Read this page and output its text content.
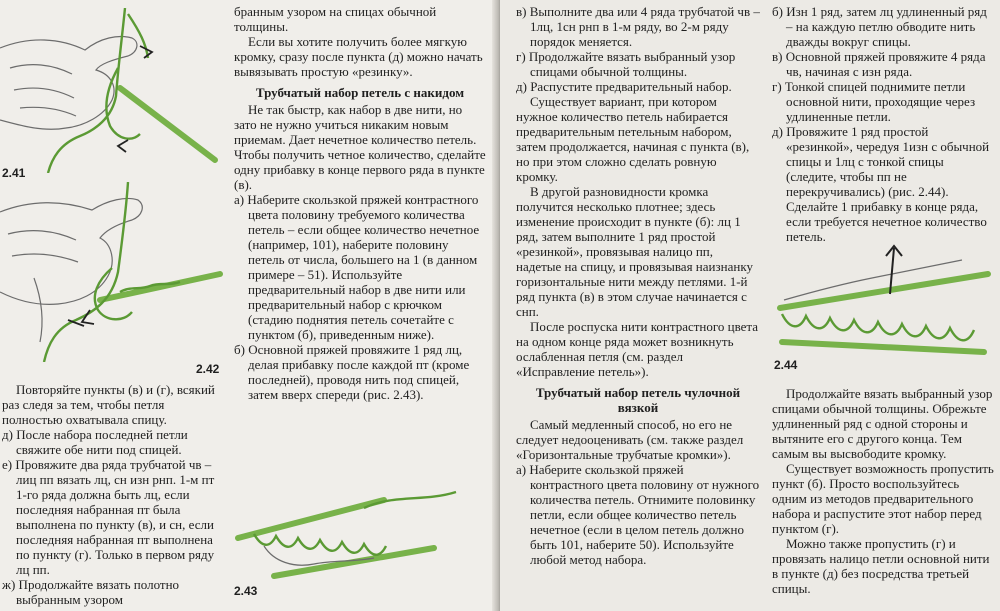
2.41
2.42

Повторяйте пункты (в) и (г), всякий раз следя за тем, чтобы петля полностью охватывала спицу.

д) После набора последней петли свяжите обе нити под спицей.

е) Провяжите два ряда трубчатой чв – лиц пп вязать лц, сн изн рнп. 1-м пт 1-го ряда должна быть лц, если последняя набранная пт была выполнена по пункту (в), и сн, если последняя набранная пт выполнена по пункту (г). Только в первом ряду лц пп.

ж) Продолжайте вязать полотно выбранным узором

бранным узором на спицах обычной толщины.

Если вы хотите получить более мягкую кромку, сразу после пункта (д) можно начать вывязывать простую «резинку».

Трубчатый набор петель с накидом

Не так быстр, как набор в две нити, но зато не нужно учиться никаким новым приемам. Дает нечетное количество петель. Чтобы получить четное количество, сделайте одну прибавку в конце первого ряда в пункте (в).

а) Наберите скользкой пряжей контрастного цвета половину требуемого количества петель – если общее количество нечетное (например, 101), наберите половину петель от числа, большего на 1 (в данном примере – 51). Используйте предварительный набор в две нити или предварительный набор с крючком (стадию поднятия петель сочетайте с пунктом (б), приведенным ниже).

б) Основной пряжей провяжите 1 ряд лц, делая прибавку после каждой пт (кроме последней), проводя нить под спицей, затем вверх спереди (рис. 2.43).

2.43

в) Выполните два или 4 ряда трубчатой чв – 1лц, 1сн рнп в 1-м ряду, во 2-м ряду порядок меняется.

г) Продолжайте вязать выбранный узор спицами обычной толщины.

д) Распустите предварительный набор.

Существует вариант, при котором нужное количество петель набирается предварительным петельным набором, затем продолжается, начиная с пункта (в), но при этом сложно сделать ровную кромку.

В другой разновидности кромка получится несколько плотнее; здесь изменение происходит в пункте (б): лц 1 ряд, затем выполните 1 ряд простой «резинкой», провязывая налицо пп, надетые на спицу, и провязывая наизнанку горизонтальные нити между петлями. 1-й ряд пункта (в) в этом случае начинается с снп.

После роспуска нити контрастного цвета на одном конце ряда может возникнуть ослабленная петля (см. раздел «Исправление петель»).

Трубчатый набор петель чулочной вязкой

Самый медленный способ, но его не следует недооценивать (см. также раздел «Горизонтальные трубчатые кромки»).

а) Наберите скользкой пряжей контрастного цвета половину от нужного количества петель. Отнимите половинку петли, если общее количество петель нечетное (если в целом петель должно быть 101, наберите 50). Используйте любой метод набора.

б) Изн 1 ряд, затем лц удлиненный ряд – на каждую петлю обводите нить дважды вокруг спицы.

в) Основной пряжей провяжите 4 ряда чв, начиная с изн ряда.

г) Тонкой спицей поднимите петли основной нити, проходящие через удлиненные петли.

д) Провяжите 1 ряд простой «резинкой», чередуя 1изн с обычной спицы и 1лц с тонкой спицы (следите, чтобы пп не перекручивались) (рис. 2.44). Сделайте 1 прибавку в конце ряда, если требуется нечетное количество петель.

2.44

Продолжайте вязать выбранный узор спицами обычной толщины. Обрежьте удлиненный ряд с одной стороны и вытяните его с другого конца. Тем самым вы высвободите кромку.

Существует возможность пропустить пункт (б). Просто воспользуйтесь одним из методов предварительного набора и распустите этот набор перед пунктом (г).

Можно также пропустить (г) и провязать налицо петли основной нити в пункте (д) без посредства третьей спицы.
